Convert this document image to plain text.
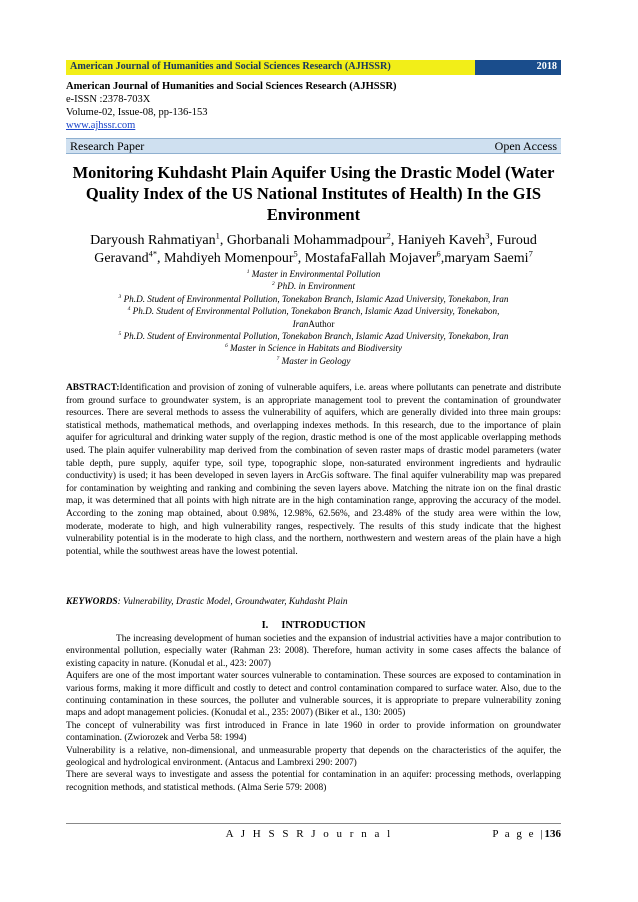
American Journal of Humanities and Social Sciences Research (AJHSSR)	2018
American Journal of Humanities and Social Sciences Research (AJHSSR)
e-ISSN :2378-703X
Volume-02, Issue-08, pp-136-153
www.ajhssr.com
Research Paper	Open Access
Monitoring Kuhdasht Plain Aquifer Using the Drastic Model (Water Quality Index of the US National Institutes of Health) In the GIS Environment
Daryoush Rahmatiyan$^1$, Ghorbanali Mohammadpour$^2$, Haniyeh Kaveh$^3$, Furoud Geravand$^{4*}$, Mahdiyeh Momenpour$^5$, MostafaFallah Mojaver$^6$,maryam Saemi$^7$
$^1$ Master in Environmental Pollution
$^2$ PhD. in Environment
$^3$ Ph.D. Student of Environmental Pollution, Tonekabon Branch, Islamic Azad University, Tonekabon, Iran
$^4$ Ph.D. Student of Environmental Pollution, Tonekabon Branch, Islamic Azad University, Tonekabon,
IranAuthor
$^5$ Ph.D. Student of Environmental Pollution, Tonekabon Branch, Islamic Azad University, Tonekabon, Iran
$^6$ Master in Science in Habitats and Biodiversity
$^7$ Master in Geology
ABSTRACT:Identification and provision of zoning of vulnerable aquifers, i.e. areas where pollutants can penetrate and distribute from ground surface to groundwater system, is an appropriate management tool to prevent the contamination of groundwater resources. There are several methods to assess the vulnerability of aquifers, which are generally divided into three main groups: statistical methods, mathematical methods, and overlapping indexes methods. In this research, due to the importance of plain aquifer for agricultural and drinking water supply of the region, drastic method is one of the most applicable overlapping methods used. The plain aquifer vulnerability map derived from the combination of seven raster maps of drastic model parameters (water table depth, pure supply, aquifer type, soil type, topographic slope, non-saturated environment ingredients and hydraulic conductivity) is used; it has been developed in seven layers in ArcGis software. The final aquifer vulnerability map was prepared for contamination by weighting and ranking and combining the seven layers above. Matching the nitrate ion on the final drastic map, it was determined that all points with high nitrate are in the high contamination range, approving the accuracy of the model. According to the zoning map obtained, about 0.98%, 12.98%, 62.56%, and 23.48% of the study area were within the low, moderate, moderate to high, and high vulnerability ranges, respectively. The results of this study indicate that the highest vulnerability potential is in the moderate to high class, and the northern, northwestern and western areas of the plain have a high potential, while the southwest areas have the lowest potential.
KEYWORDS: Vulnerability, Drastic Model, Groundwater, Kuhdasht Plain
I. INTRODUCTION

The increasing development of human societies and the expansion of industrial activities have a major contribution to environmental pollution, especially water (Rahman 23: 2008). Therefore, human activity in some cases affects the balance of existing capacity in nature. (Konudal et al., 423: 2007)

Aquifers are one of the most important water sources vulnerable to contamination. These sources are exposed to contamination in various forms, making it more difficult and costly to detect and control contamination compared to surface water. Also, due to the continuing contamination in these sources, the polluter and vulnerable sources, it is appropriate to prepare vulnerability zoning maps and adopt management policies. (Konudal et al., 235: 2007) (Biker et al., 130: 2005)

The concept of vulnerability was first introduced in France in late 1960 in order to provide information on groundwater contamination. (Zwiorozek and Verba 58: 1994)

Vulnerability is a relative, non-dimensional, and unmeasurable property that depends on the characteristics of the aquifer, the geological and hydrological environment. (Antacus and Lambrexi 290: 2007)

There are several ways to investigate and assess the potential for contamination in an aquifer: processing methods, overlapping recognition methods, and statistical methods. (Alma Serie 579: 2008)

A J H S S R J o u r n a l	P a g e |136
